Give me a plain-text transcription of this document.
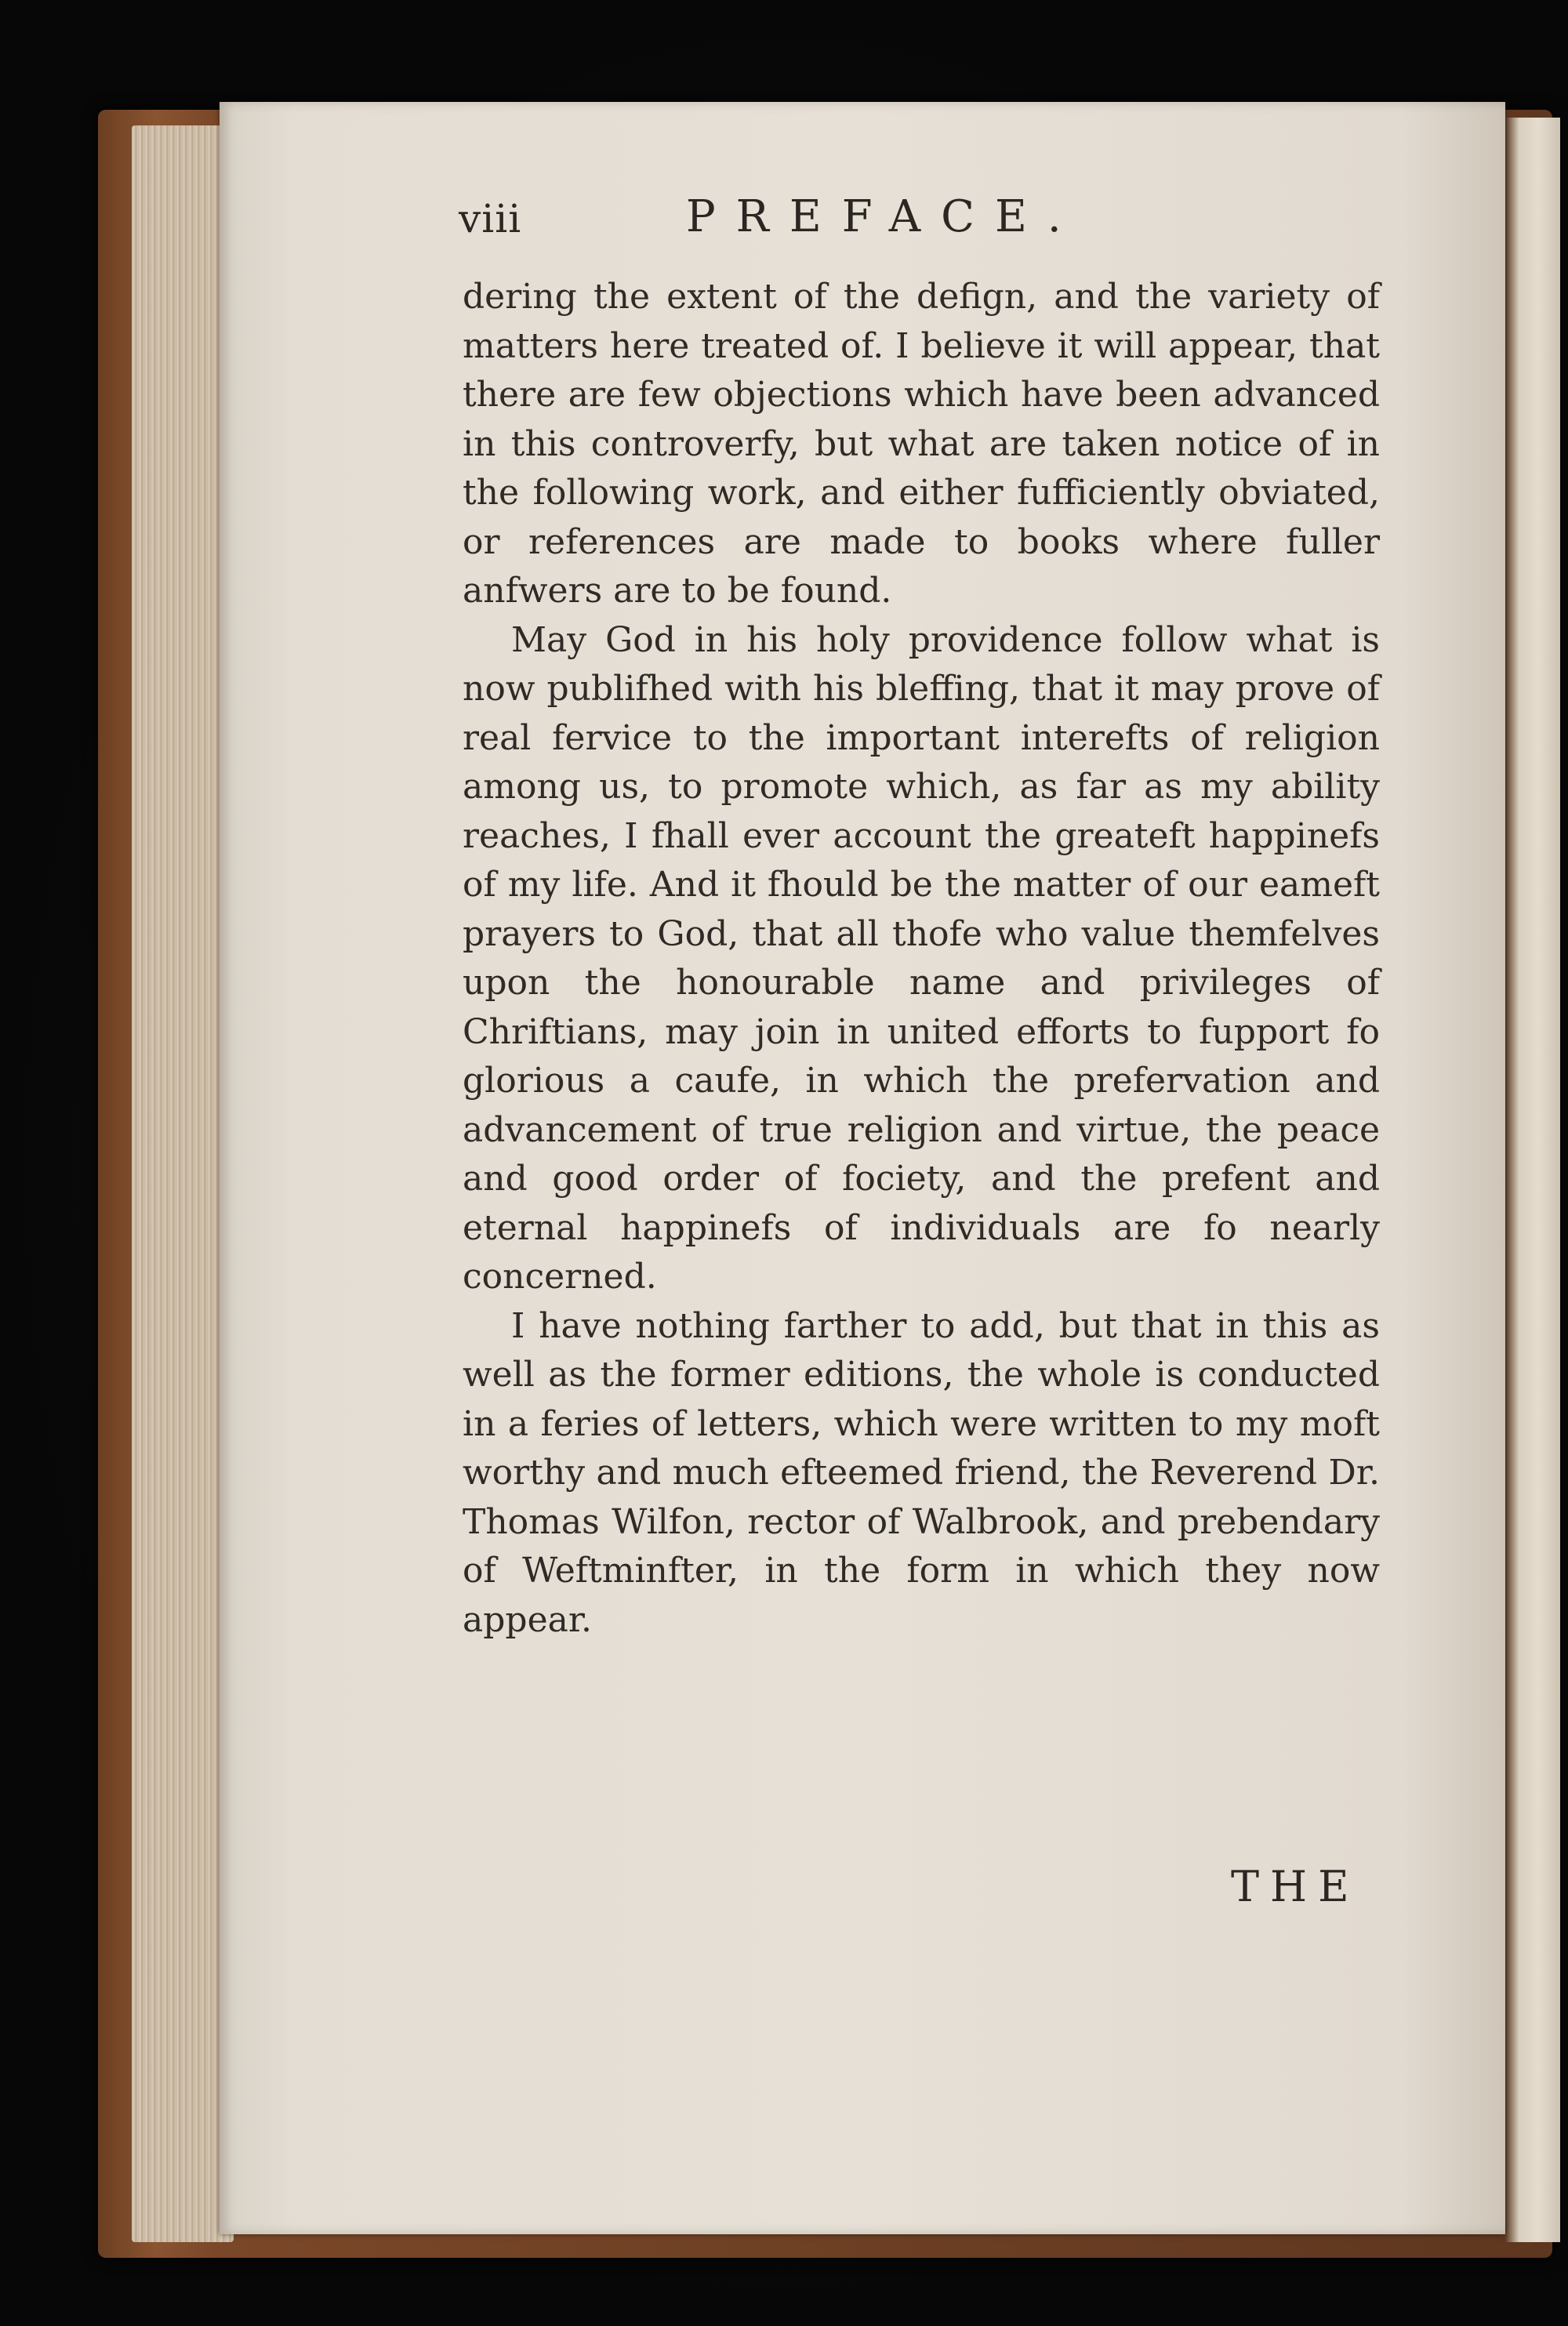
viii	PREFACE.

dering the extent of the defign, and the variety of matters here treated of. I believe it will appear, that there are few objections which have been advanced in this controverfy, but what are taken notice of in the following work, and either fufficiently obviated, or references are made to books where fuller anfwers are to be found.

May God in his holy providence follow what is now publifhed with his bleffing, that it may prove of real fervice to the important interefts of religion among us, to promote which, as far as my ability reaches, I fhall ever account the greateft happinefs of my life. And it fhould be the matter of our eameft prayers to God, that all thofe who value themfelves upon the honourable name and privileges of Chriftians, may join in united efforts to fupport fo glorious a caufe, in which the prefervation and advancement of true religion and virtue, the peace and good order of fociety, and the prefent and eternal happinefs of individuals are fo nearly concerned.

I have nothing farther to add, but that in this as well as the former editions, the whole is conducted in a feries of letters, which were written to my moft worthy and much efteemed friend, the Reverend Dr. Thomas Wilfon, rector of Walbrook, and prebendary of Weftminfter, in the form in which they now appear.

THE
